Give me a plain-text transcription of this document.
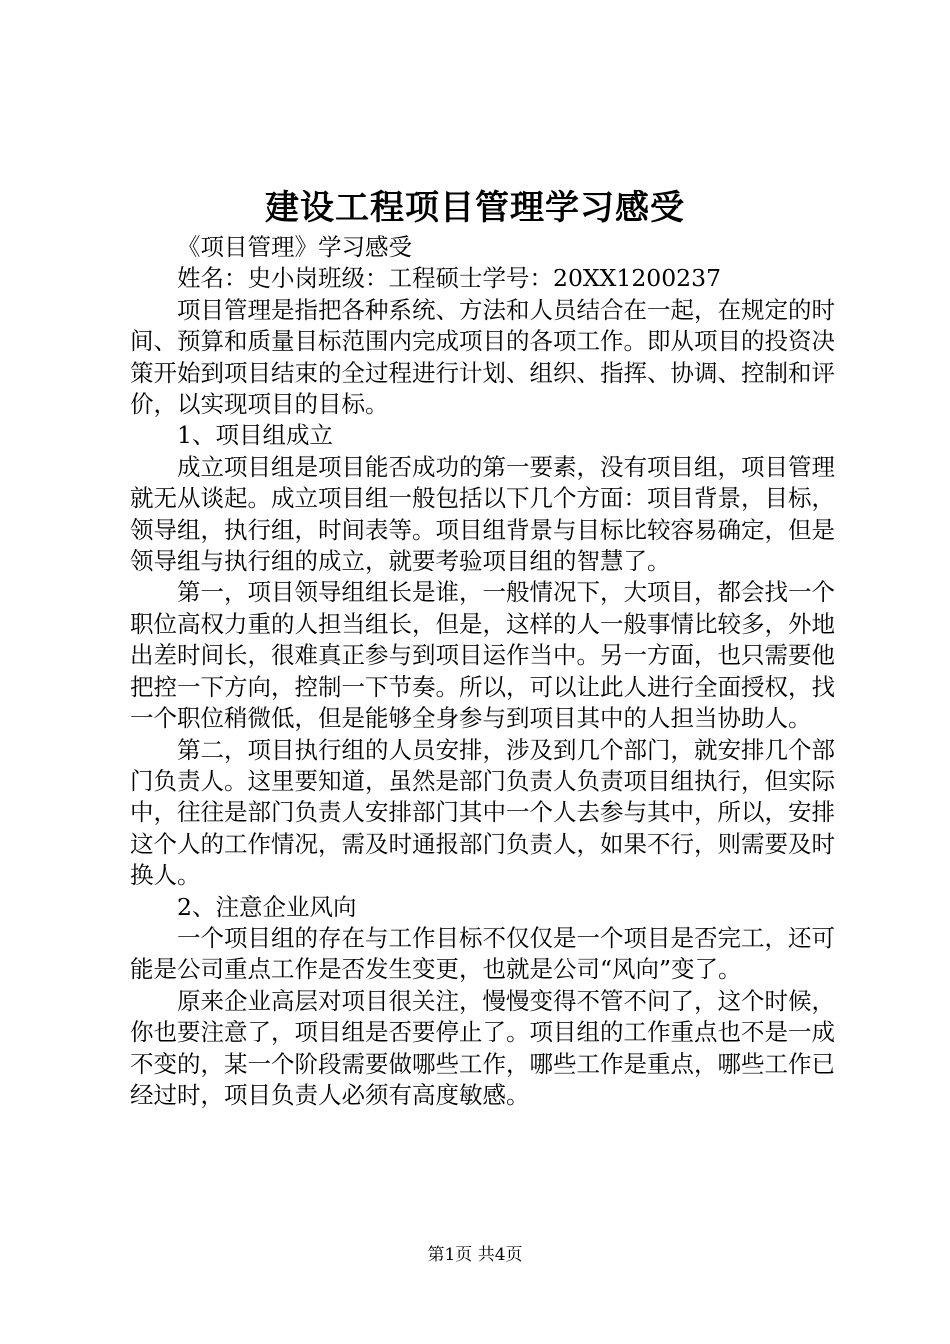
建设工程项目管理学习感受

《项目管理》学习感受

姓名：史小岗班级：工程硕士学号：20XX1200237

项目管理是指把各种系统、方法和人员结合在一起，在规定的时间、预算和质量目标范围内完成项目的各项工作。即从项目的投资决策开始到项目结束的全过程进行计划、组织、指挥、协调、控制和评价，以实现项目的目标。

1、项目组成立

成立项目组是项目能否成功的第一要素，没有项目组，项目管理就无从谈起。成立项目组一般包括以下几个方面：项目背景，目标，领导组，执行组，时间表等。项目组背景与目标比较容易确定，但是领导组与执行组的成立，就要考验项目组的智慧了。

第一，项目领导组组长是谁，一般情况下，大项目，都会找一个职位高权力重的人担当组长，但是，这样的人一般事情比较多，外地出差时间长，很难真正参与到项目运作当中。另一方面，也只需要他把控一下方向，控制一下节奏。所以，可以让此人进行全面授权，找一个职位稍微低，但是能够全身参与到项目其中的人担当协助人。

第二，项目执行组的人员安排，涉及到几个部门，就安排几个部门负责人。这里要知道，虽然是部门负责人负责项目组执行，但实际中，往往是部门负责人安排部门其中一个人去参与其中，所以，安排这个人的工作情况，需及时通报部门负责人，如果不行，则需要及时换人。

2、注意企业风向

一个项目组的存在与工作目标不仅仅是一个项目是否完工，还可能是公司重点工作是否发生变更，也就是公司“风向”变了。

原来企业高层对项目很关注，慢慢变得不管不问了，这个时候，你也要注意了，项目组是否要停止了。项目组的工作重点也不是一成不变的，某一个阶段需要做哪些工作，哪些工作是重点，哪些工作已经过时，项目负责人必须有高度敏感。

第1页 共4页
